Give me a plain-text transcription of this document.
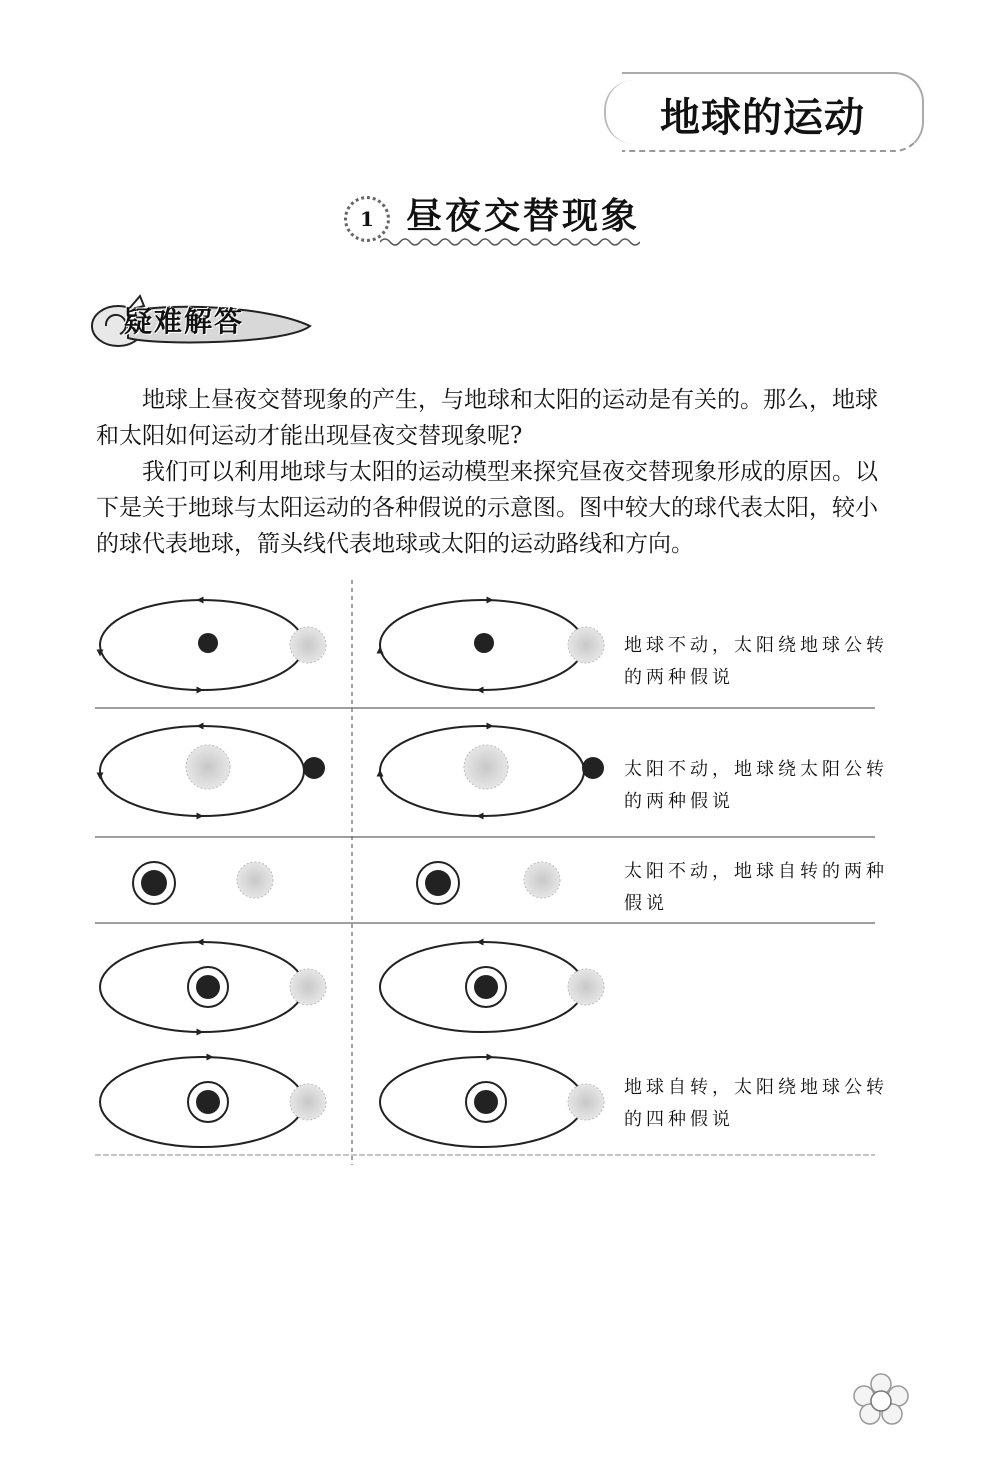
地球的运动
1 昼夜交替现象
疑难解答

地球上昼夜交替现象的产生，与地球和太阳的运动是有关的。那么，地球和太阳如何运动才能出现昼夜交替现象呢?

我们可以利用地球与太阳的运动模型来探究昼夜交替现象形成的原因。以下是关于地球与太阳运动的各种假说的示意图。图中较大的球代表太阳，较小的球代表地球，箭头线代表地球或太阳的运动路线和方向。

地球不动，太阳绕地球公转的两种假说
太阳不动，地球绕太阳公转的两种假说
太阳不动，地球自转的两种假说
地球自转，太阳绕地球公转的四种假说
